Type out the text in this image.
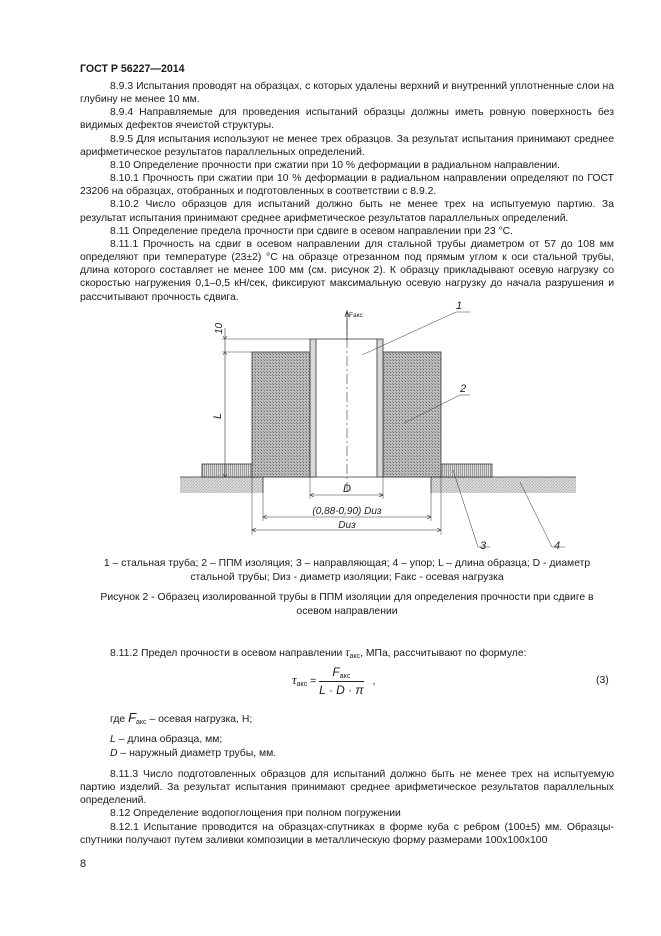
ГОСТ Р 56227—2014

8.9.3 Испытания проводят на образцах, с которых удалены верхний и внутренний уплотненные слои на глубину не менее 10 мм.

8.9.4 Направляемые для проведения испытаний образцы должны иметь ровную поверхность без видимых дефектов ячеистой структуры.

8.9.5 Для испытания используют не менее трех образцов. За результат испытания принимают среднее арифметическое результатов параллельных определений.

8.10 Определение прочности при сжатии при 10 % деформации в радиальном направлении.

8.10.1 Прочность при сжатии при 10 % деформации в радиальном направлении определяют по ГОСТ 23206 на образцах, отобранных и подготовленных в соответствии с 8.9.2.

8.10.2 Число образцов для испытаний должно быть не менее трех на испытуемую партию. За результат испытания принимают среднее арифметическое результатов параллельных определений.

8.11 Определение предела прочности при сдвиге в осевом направлении при 23 °С.

8.11.1 Прочность на сдвиг в осевом направлении для стальной трубы диаметром от 57 до 108 мм определяют при температуре (23±2) °С на образце отрезанном под прямым углом к оси стальной трубы, длина которого составляет не менее 100 мм (см. рисунок 2). К образцу прикладывают осевую нагрузку со скоростью нагружения 0,1–0,5 кН/сек, фиксируют максимальную осевую нагрузку до начала разрушения и рассчитывают прочность сдвига.

Fакс
10
L
D
(0,88-0,90) Dиз
Dиз
1
2
3	4
1 – стальная труба; 2 – ППМ изоляция; 3 – направляющая; 4 – упор; L – длина образца; D - диаметр
стальной трубы; Dиз - диаметр изоляции; Fакс - осевая нагрузка
Рисунок 2 - Образец изолированной трубы в ППМ изоляции для определения прочности при сдвиге в осевом направлении
8.11.2 Предел прочности в осевом направлении $\tau_{акс}$, МПа, рассчитывают по формуле:
$\tau_{акс} = \frac{F_{акс}}{L \cdot D \cdot \pi}$ ,	(3)
где $F_{акс}$ – осевая нагрузка, Н;
L – длина образца, мм;
D – наружный диаметр трубы, мм.

8.11.3 Число подготовленных образцов для испытаний должно быть не менее трех на испытуемую партию изделий. За результат испытания принимают среднее арифметическое результатов параллельных определений.

8.12 Определение водопоглощения при полном погружении

8.12.1 Испытание проводится на образцах-спутниках в форме куба с ребром (100±5) мм. Образцы-спутники получают путем заливки композиции в металлическую форму размерами 100x100x100

8
